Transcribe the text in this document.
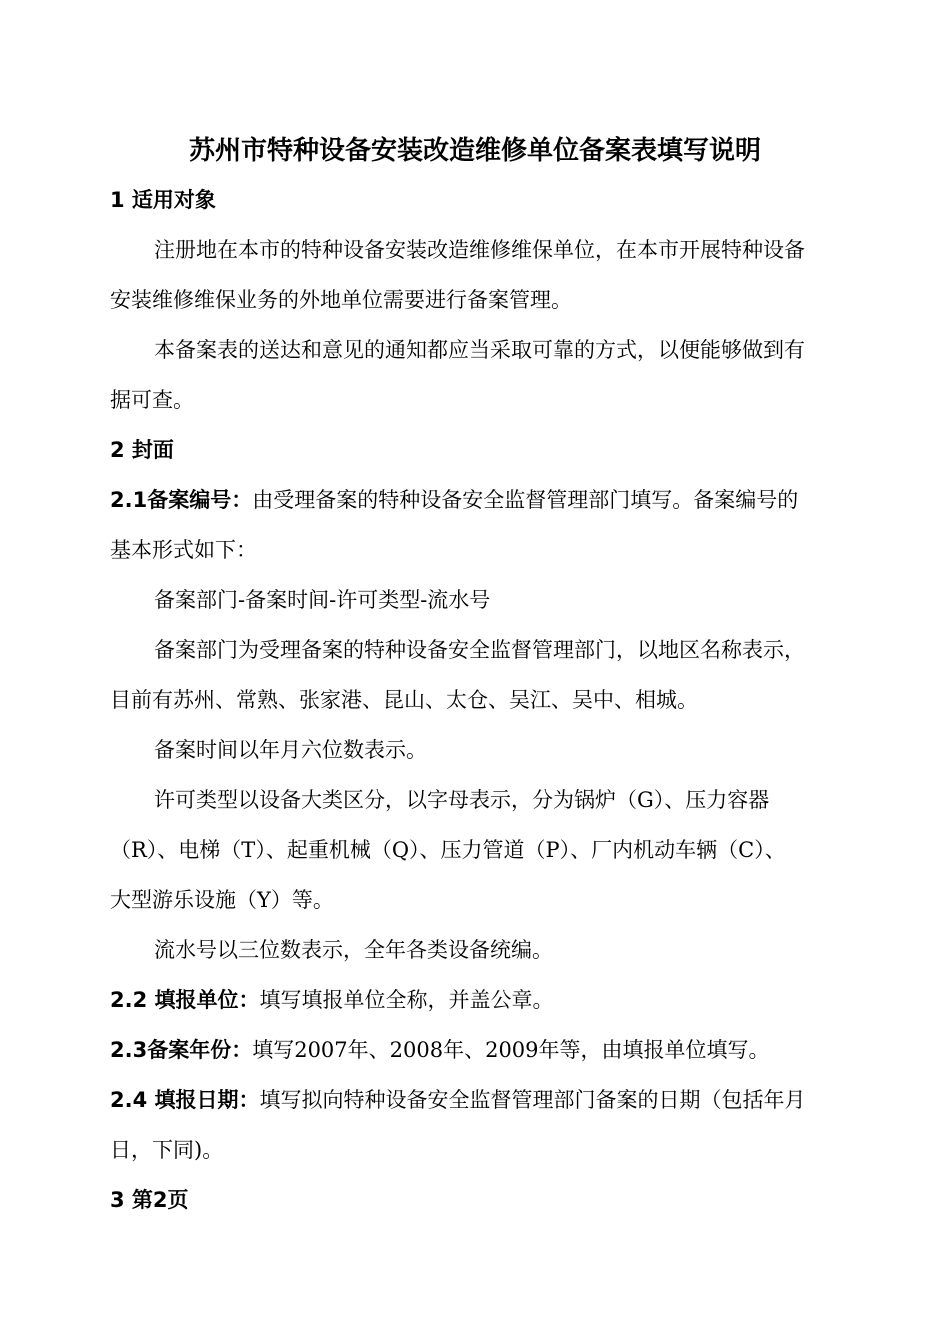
苏州市特种设备安装改造维修单位备案表填写说明
1 适用对象
注册地在本市的特种设备安装改造维修维保单位，在本市开展特种设备
安装维修维保业务的外地单位需要进行备案管理。
本备案表的送达和意见的通知都应当采取可靠的方式，以便能够做到有
据可查。
2 封面
2.1备案编号：由受理备案的特种设备安全监督管理部门填写。备案编号的
基本形式如下：
备案部门-备案时间-许可类型-流水号
备案部门为受理备案的特种设备安全监督管理部门，以地区名称表示，
目前有苏州、常熟、张家港、昆山、太仓、吴江、吴中、相城。
备案时间以年月六位数表示。
许可类型以设备大类区分，以字母表示，分为锅炉（G）、压力容器
（R）、电梯（T）、起重机械（Q）、压力管道（P）、厂内机动车辆（C）、
大型游乐设施（Y）等。
流水号以三位数表示，全年各类设备统编。
2.2 填报单位：填写填报单位全称，并盖公章。
2.3备案年份：填写2007年、2008年、2009年等，由填报单位填写。
2.4 填报日期：填写拟向特种设备安全监督管理部门备案的日期（包括年月
日，下同)。
3 第2页
